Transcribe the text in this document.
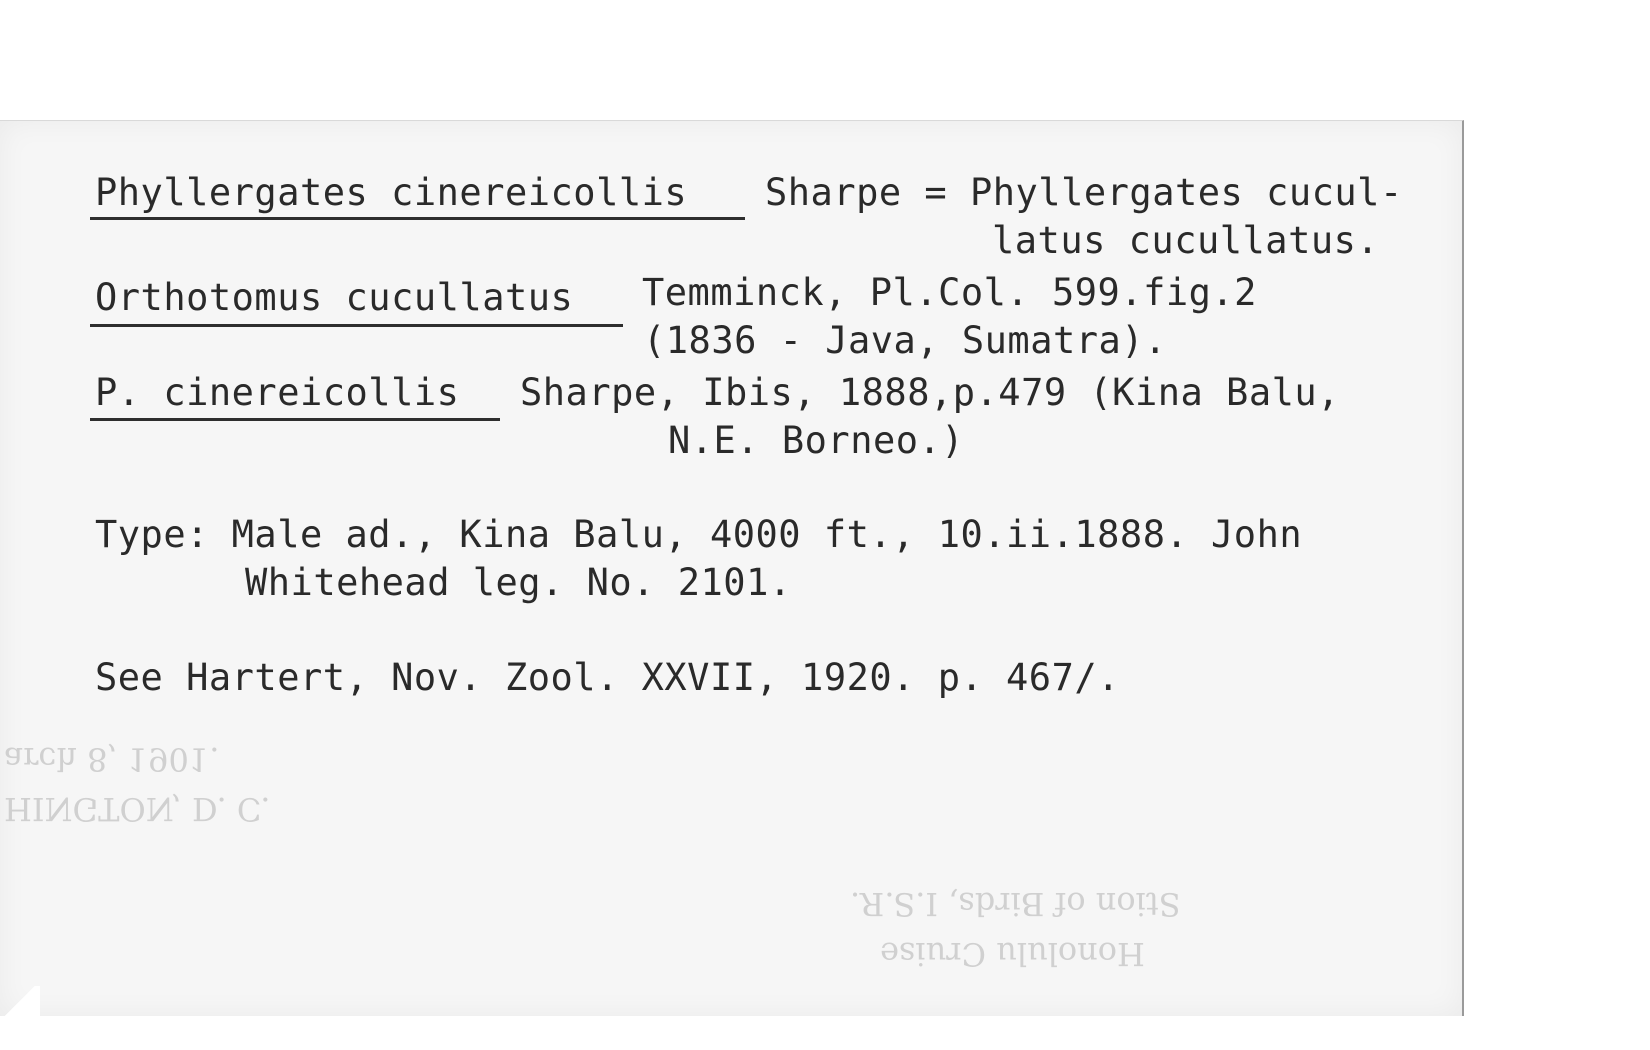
arch 8, 1901.

HINGTON, D. C.

Stion of Birds, I.S.R.

Honolulu Cruise

Phyllergates cinereicollis Sharpe = Phyllergates cucul-

latus cucullatus.

Orthotomus cucullatus Temminck, Pl.Col. 599.fig.2

(1836 - Java, Sumatra).

P. cinereicollis Sharpe, Ibis, 1888,p.479 (Kina Balu,

N.E. Borneo.)

Type: Male ad., Kina Balu, 4000 ft., 10.ii.1888. John

Whitehead leg. No. 2101.

See Hartert, Nov. Zool. XXVII, 1920. p. 467/.
